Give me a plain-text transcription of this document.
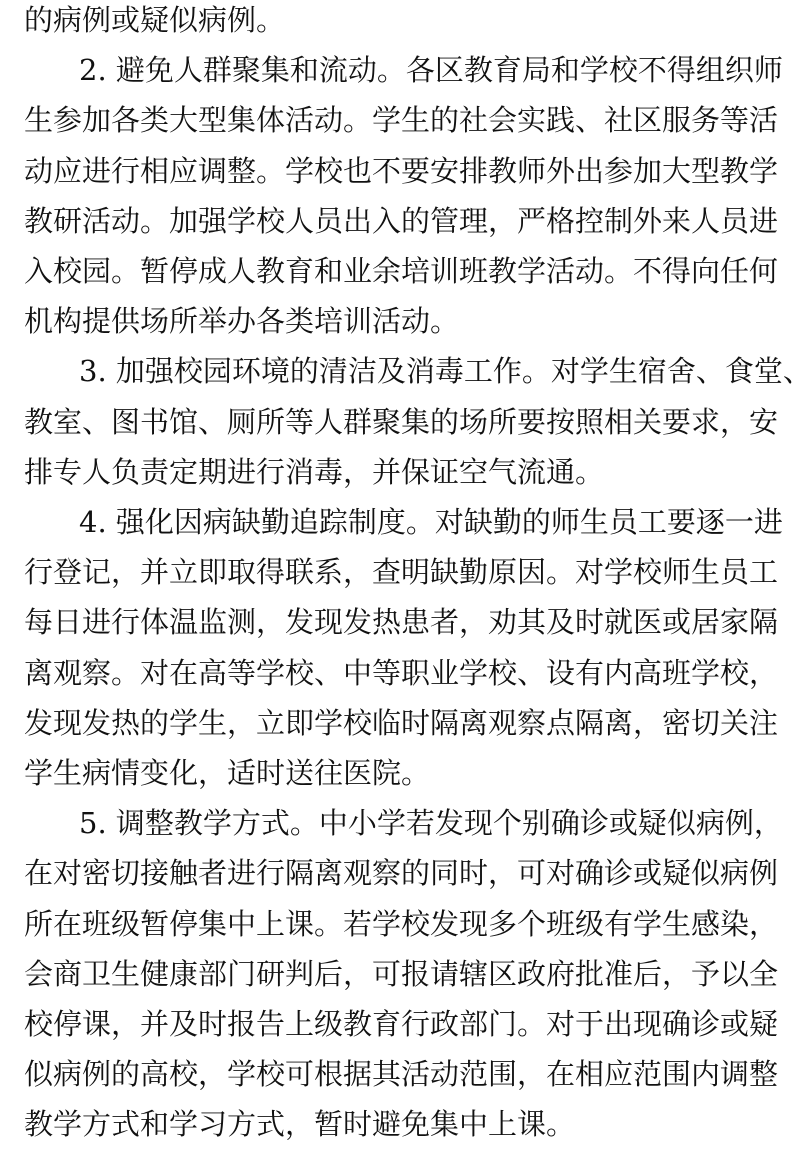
的病例或疑似病例。
2. 避免人群聚集和流动。各区教育局和学校不得组织师
生参加各类大型集体活动。学生的社会实践、社区服务等活
动应进行相应调整。学校也不要安排教师外出参加大型教学
教研活动。加强学校人员出入的管理，严格控制外来人员进
入校园。暂停成人教育和业余培训班教学活动。不得向任何
机构提供场所举办各类培训活动。
3. 加强校园环境的清洁及消毒工作。对学生宿舍、食堂、
教室、图书馆、厕所等人群聚集的场所要按照相关要求，安
排专人负责定期进行消毒，并保证空气流通。
4. 强化因病缺勤追踪制度。对缺勤的师生员工要逐一进
行登记，并立即取得联系，查明缺勤原因。对学校师生员工
每日进行体温监测，发现发热患者，劝其及时就医或居家隔
离观察。对在高等学校、中等职业学校、设有内高班学校，
发现发热的学生，立即学校临时隔离观察点隔离，密切关注
学生病情变化，适时送往医院。
5. 调整教学方式。中小学若发现个别确诊或疑似病例，
在对密切接触者进行隔离观察的同时，可对确诊或疑似病例
所在班级暂停集中上课。若学校发现多个班级有学生感染，
会商卫生健康部门研判后，可报请辖区政府批准后，予以全
校停课，并及时报告上级教育行政部门。对于出现确诊或疑
似病例的高校，学校可根据其活动范围，在相应范围内调整
教学方式和学习方式，暂时避免集中上课。
